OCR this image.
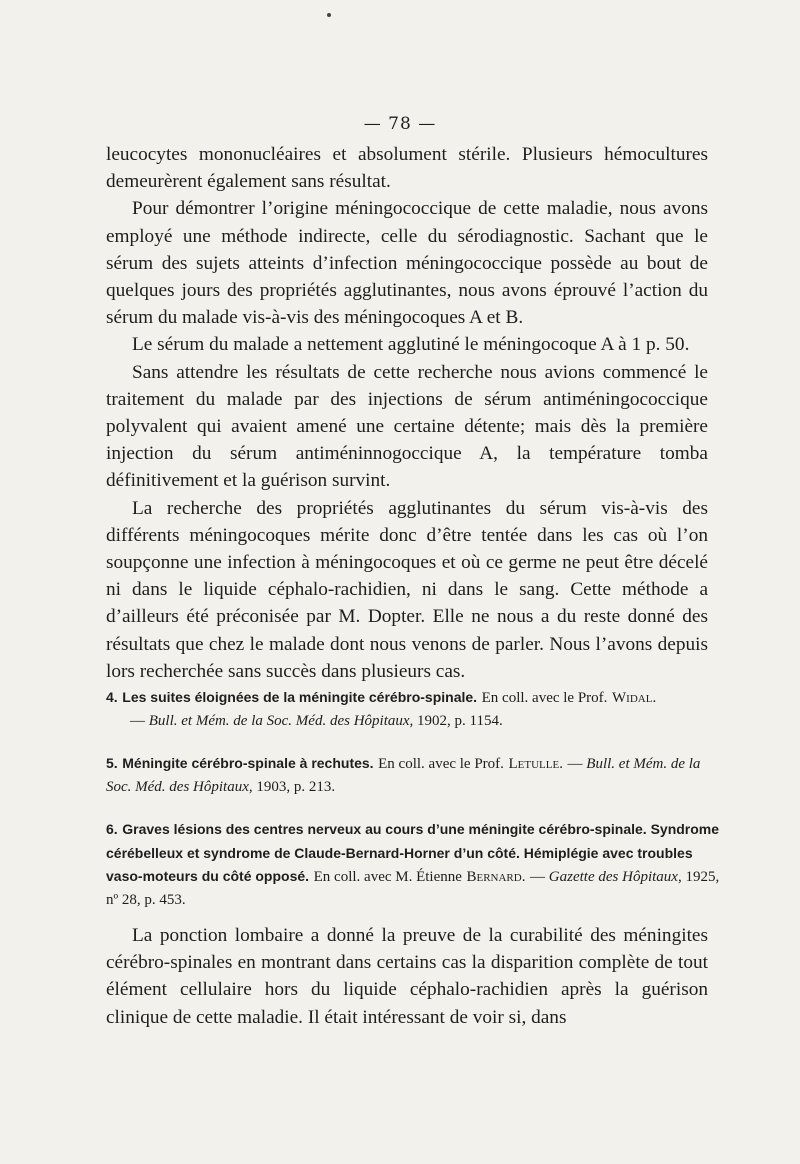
— 78 —

leucocytes mononucléaires et absolument stérile. Plusieurs hémocultures demeurèrent également sans résultat.

Pour démontrer l’origine méningococcique de cette maladie, nous avons employé une méthode indirecte, celle du sérodiagnostic. Sachant que le sérum des sujets atteints d’infection méningococcique possède au bout de quelques jours des propriétés agglutinantes, nous avons éprouvé l’action du sérum du malade vis-à-vis des méningocoques A et B.

Le sérum du malade a nettement agglutiné le méningocoque A à 1 p. 50.

Sans attendre les résultats de cette recherche nous avions commencé le traitement du malade par des injections de sérum antiméningococcique polyvalent qui avaient amené une certaine détente; mais dès la première injection du sérum antiméninnogoccique A, la température tomba définitivement et la guérison survint.

La recherche des propriétés agglutinantes du sérum vis-à-vis des différents méningocoques mérite donc d’être tentée dans les cas où l’on soupçonne une infection à méningocoques et où ce germe ne peut être décelé ni dans le liquide céphalo-rachidien, ni dans le sang. Cette méthode a d’ailleurs été préconisée par M. Dopter. Elle ne nous a du reste donné des résultats que chez le malade dont nous venons de parler. Nous l’avons depuis lors recherchée sans succès dans plusieurs cas.

4. Les suites éloignées de la méningite cérébro-spinale. En coll. avec le Prof. Widal.
— Bull. et Mém. de la Soc. Méd. des Hôpitaux, 1902, p. 1154.
5. Méningite cérébro-spinale à rechutes. En coll. avec le Prof. Letulle. — Bull. et Mém. de la Soc. Méd. des Hôpitaux, 1903, p. 213.
6. Graves lésions des centres nerveux au cours d’une méningite cérébro-spinale. Syndrome cérébelleux et syndrome de Claude-Bernard-Horner d’un côté. Hémiplégie avec troubles vaso-moteurs du côté opposé. En coll. avec M. Étienne Bernard. — Gazette des Hôpitaux, 1925, nº 28, p. 453.

La ponction lombaire a donné la preuve de la curabilité des méningites cérébro-spinales en montrant dans certains cas la disparition complète de tout élément cellulaire hors du liquide céphalo-rachidien après la guérison clinique de cette maladie. Il était intéressant de voir si, dans
